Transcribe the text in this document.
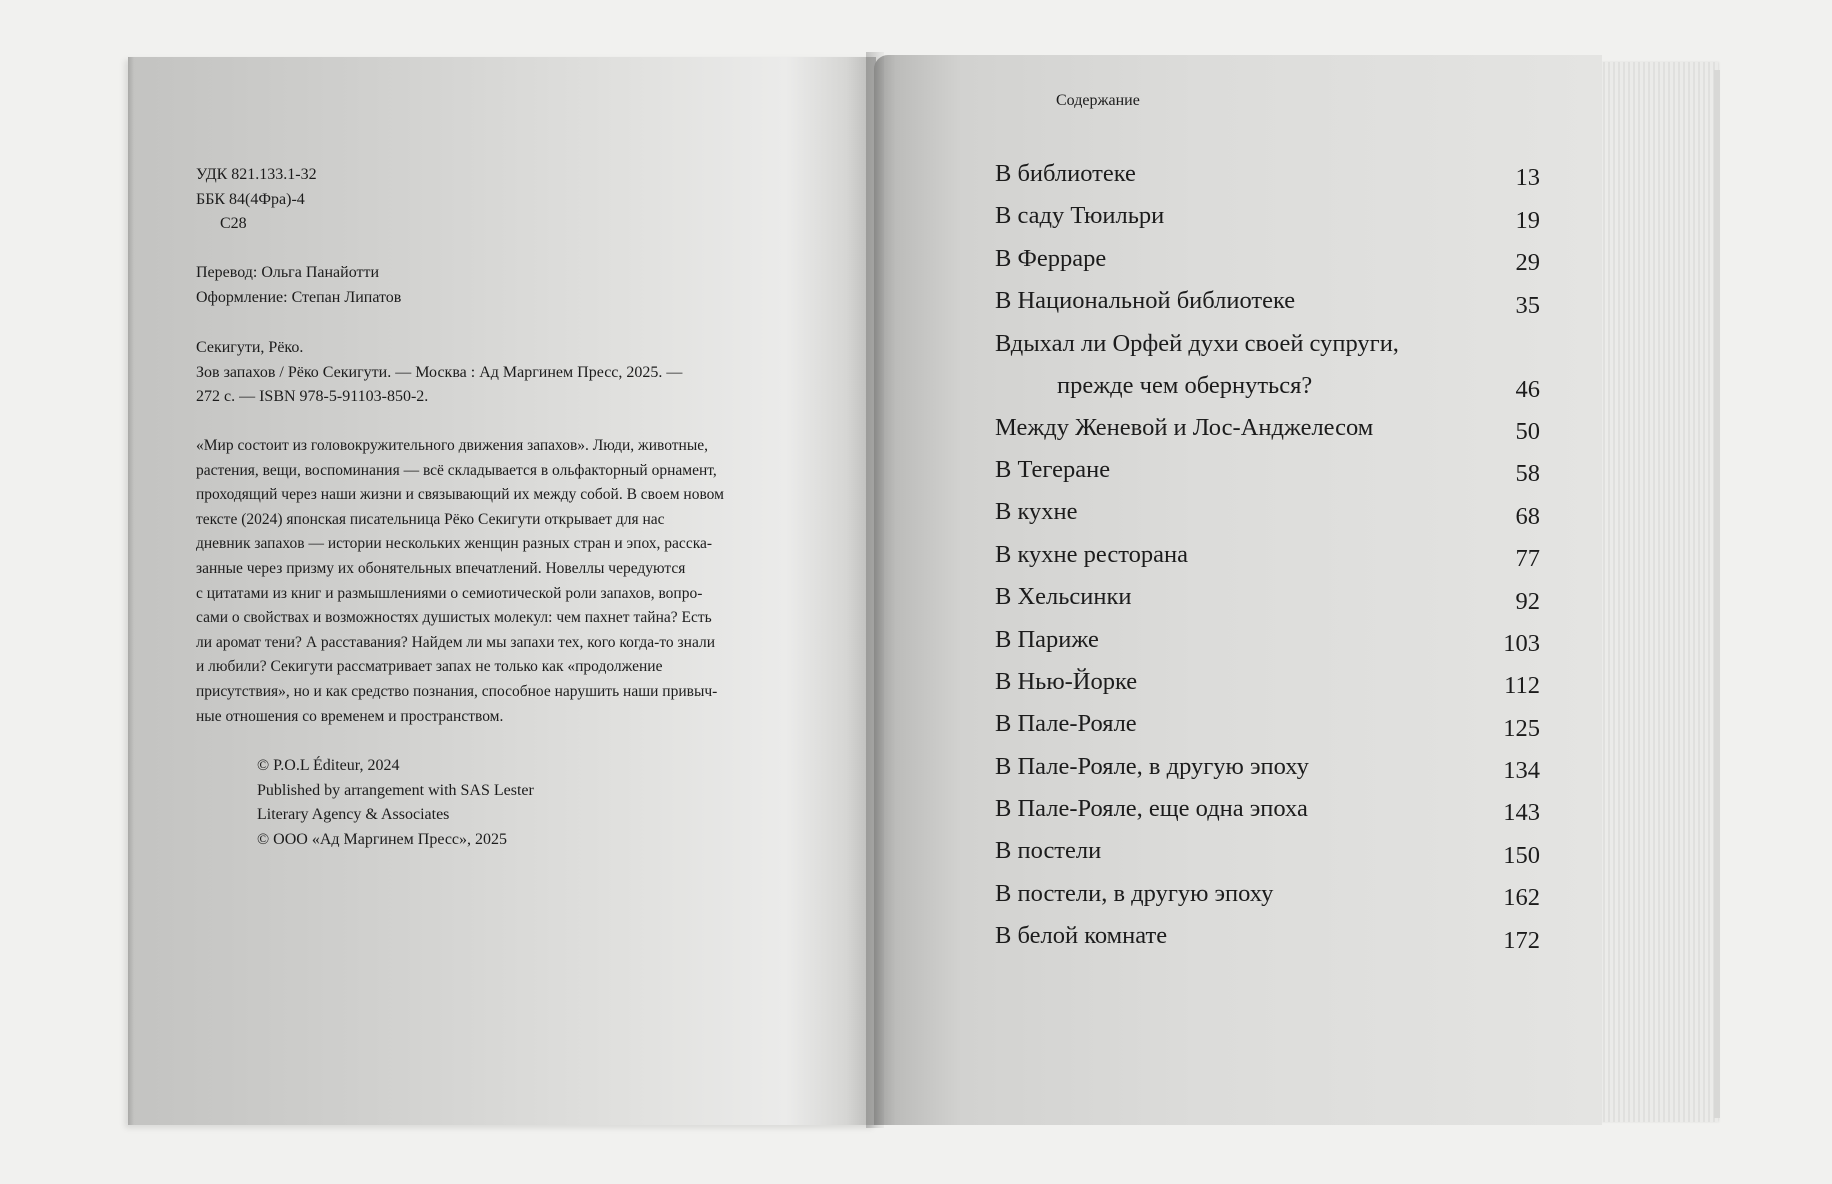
УДК 821.133.1-32
ББК 84(4Фра)-4
С28
Перевод: Ольга Панайотти
Оформление: Степан Липатов
Секигути, Рёко.
Зов запахов / Рёко Секигути. — Москва : Ад Маргинем Пресс, 2025. —
272 с. — ISBN 978-5-91103-850-2.
«Мир состоит из головокружительного движения запахов». Люди, животные,
растения, вещи, воспоминания — всё складывается в ольфакторный орнамент,
проходящий через наши жизни и связывающий их между собой. В своем новом
тексте (2024) японская писательница Рёко Секигути открывает для нас
дневник запахов — истории нескольких женщин разных стран и эпох, расска-
занные через призму их обонятельных впечатлений. Новеллы чередуются
с цитатами из книг и размышлениями о семиотической роли запахов, вопро-
сами о свойствах и возможностях душистых молекул: чем пахнет тайна? Есть
ли аромат тени? А расставания? Найдем ли мы запахи тех, кого когда-то знали
и любили? Секигути рассматривает запах не только как «продолжение
присутствия», но и как средство познания, способное нарушить наши привыч-
ные отношения со временем и пространством.
© P.O.L Éditeur, 2024
Published by arrangement with SAS Lester
Literary Agency & Associates
© ООО «Ад Маргинем Пресс», 2025
Содержание
В библиотеке	13
В саду Тюильри	19
В Ферраре	29
В Национальной библиотеке	35
Вдыхал ли Орфей духи своей супруги,
прежде чем обернуться?	46
Между Женевой и Лос-Анджелесом	50
В Тегеране	58
В кухне	68
В кухне ресторана	77
В Хельсинки	92
В Париже	103
В Нью-Йорке	112
В Пале-Рояле	125
В Пале-Рояле, в другую эпоху	134
В Пале-Рояле, еще одна эпоха	143
В постели	150
В постели, в другую эпоху	162
В белой комнате	172
